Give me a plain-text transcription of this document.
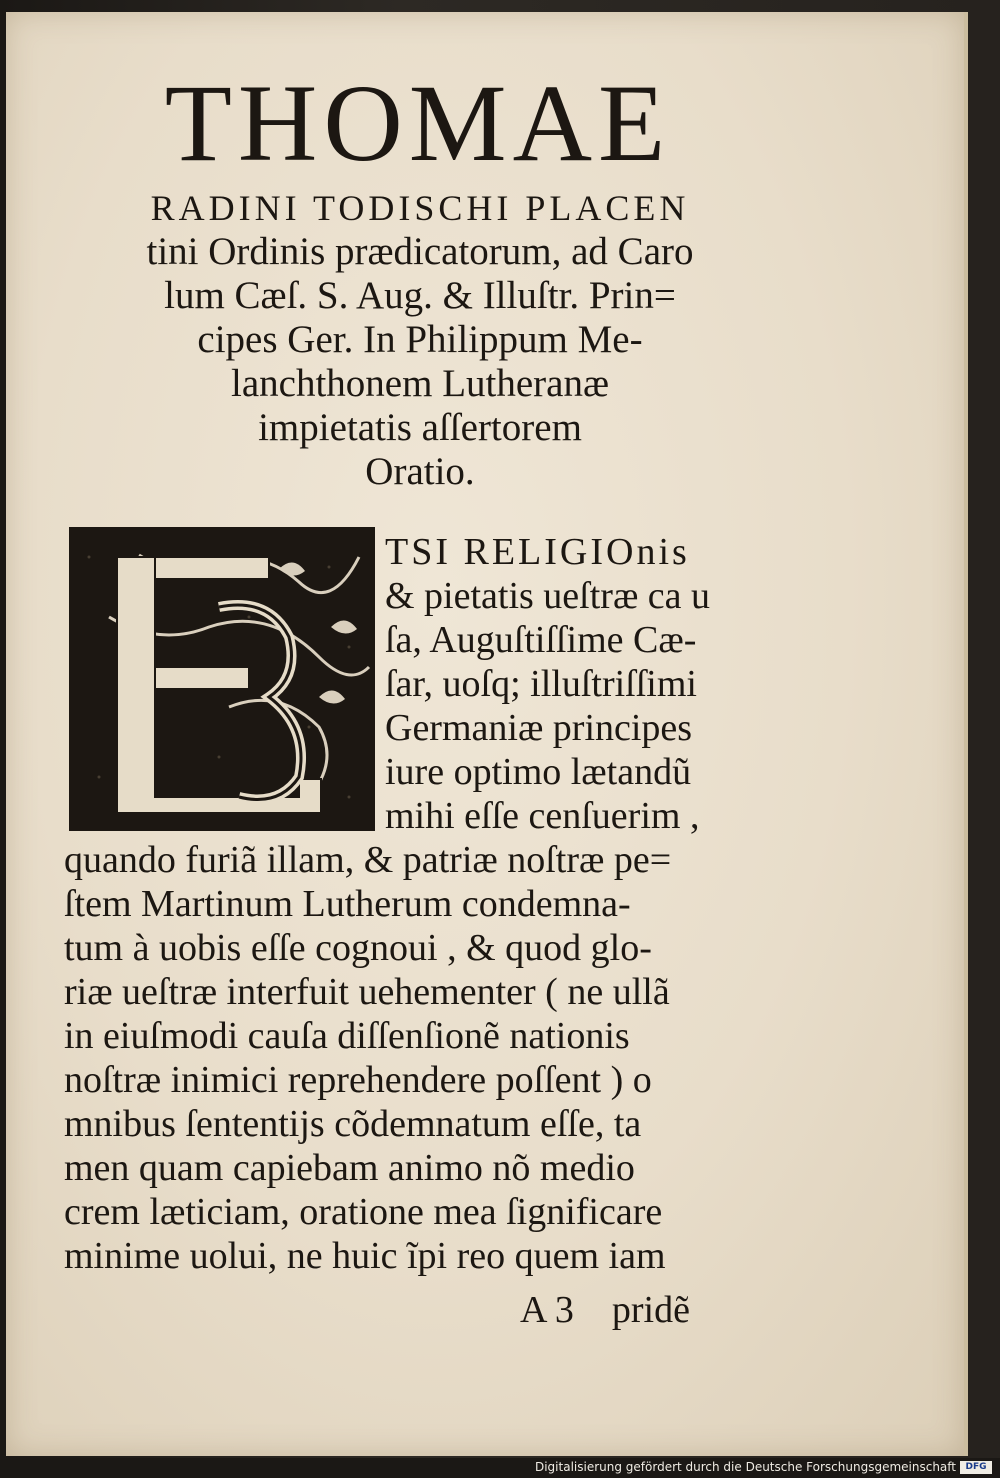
THOMAE
RADINI TODISCHI PLACEN
tini Ordinis prædicatorum, ad Caro
lum Cæſ. S. Aug. & Illuſtr. Prin=
cipes Ger. In Philippum Me-
lanchthonem Lutheranæ
impietatis aſſertorem
Oratio.
TSI RELIGIOnis
& pietatis ueſtræ ca u
ſa, Auguſtiſſime Cæ-
ſar, uoſq; illuſtriſſimi
Germaniæ principes
iure optimo lætandũ
mihi eſſe cenſuerim ,
quando furiã illam, & patriæ noſtræ pe=
ſtem Martinum Lutherum condemna-
tum à uobis eſſe cognoui , & quod glo-
riæ ueſtræ interfuit uehementer ( ne ullã
in eiuſmodi cauſa diſſenſionẽ nationis
noſtræ inimici reprehendere poſſent ) o
mnibus ſententijs cõdemnatum eſſe, ta
men quam capiebam animo nõ medio
crem læticiam, oratione mea ſignificare
minime uolui, ne huic ĩpi reo quem iam
A 3 pridẽ
Digitalisierung gefördert durch die Deutsche Forschungsgemeinschaft	DFG
